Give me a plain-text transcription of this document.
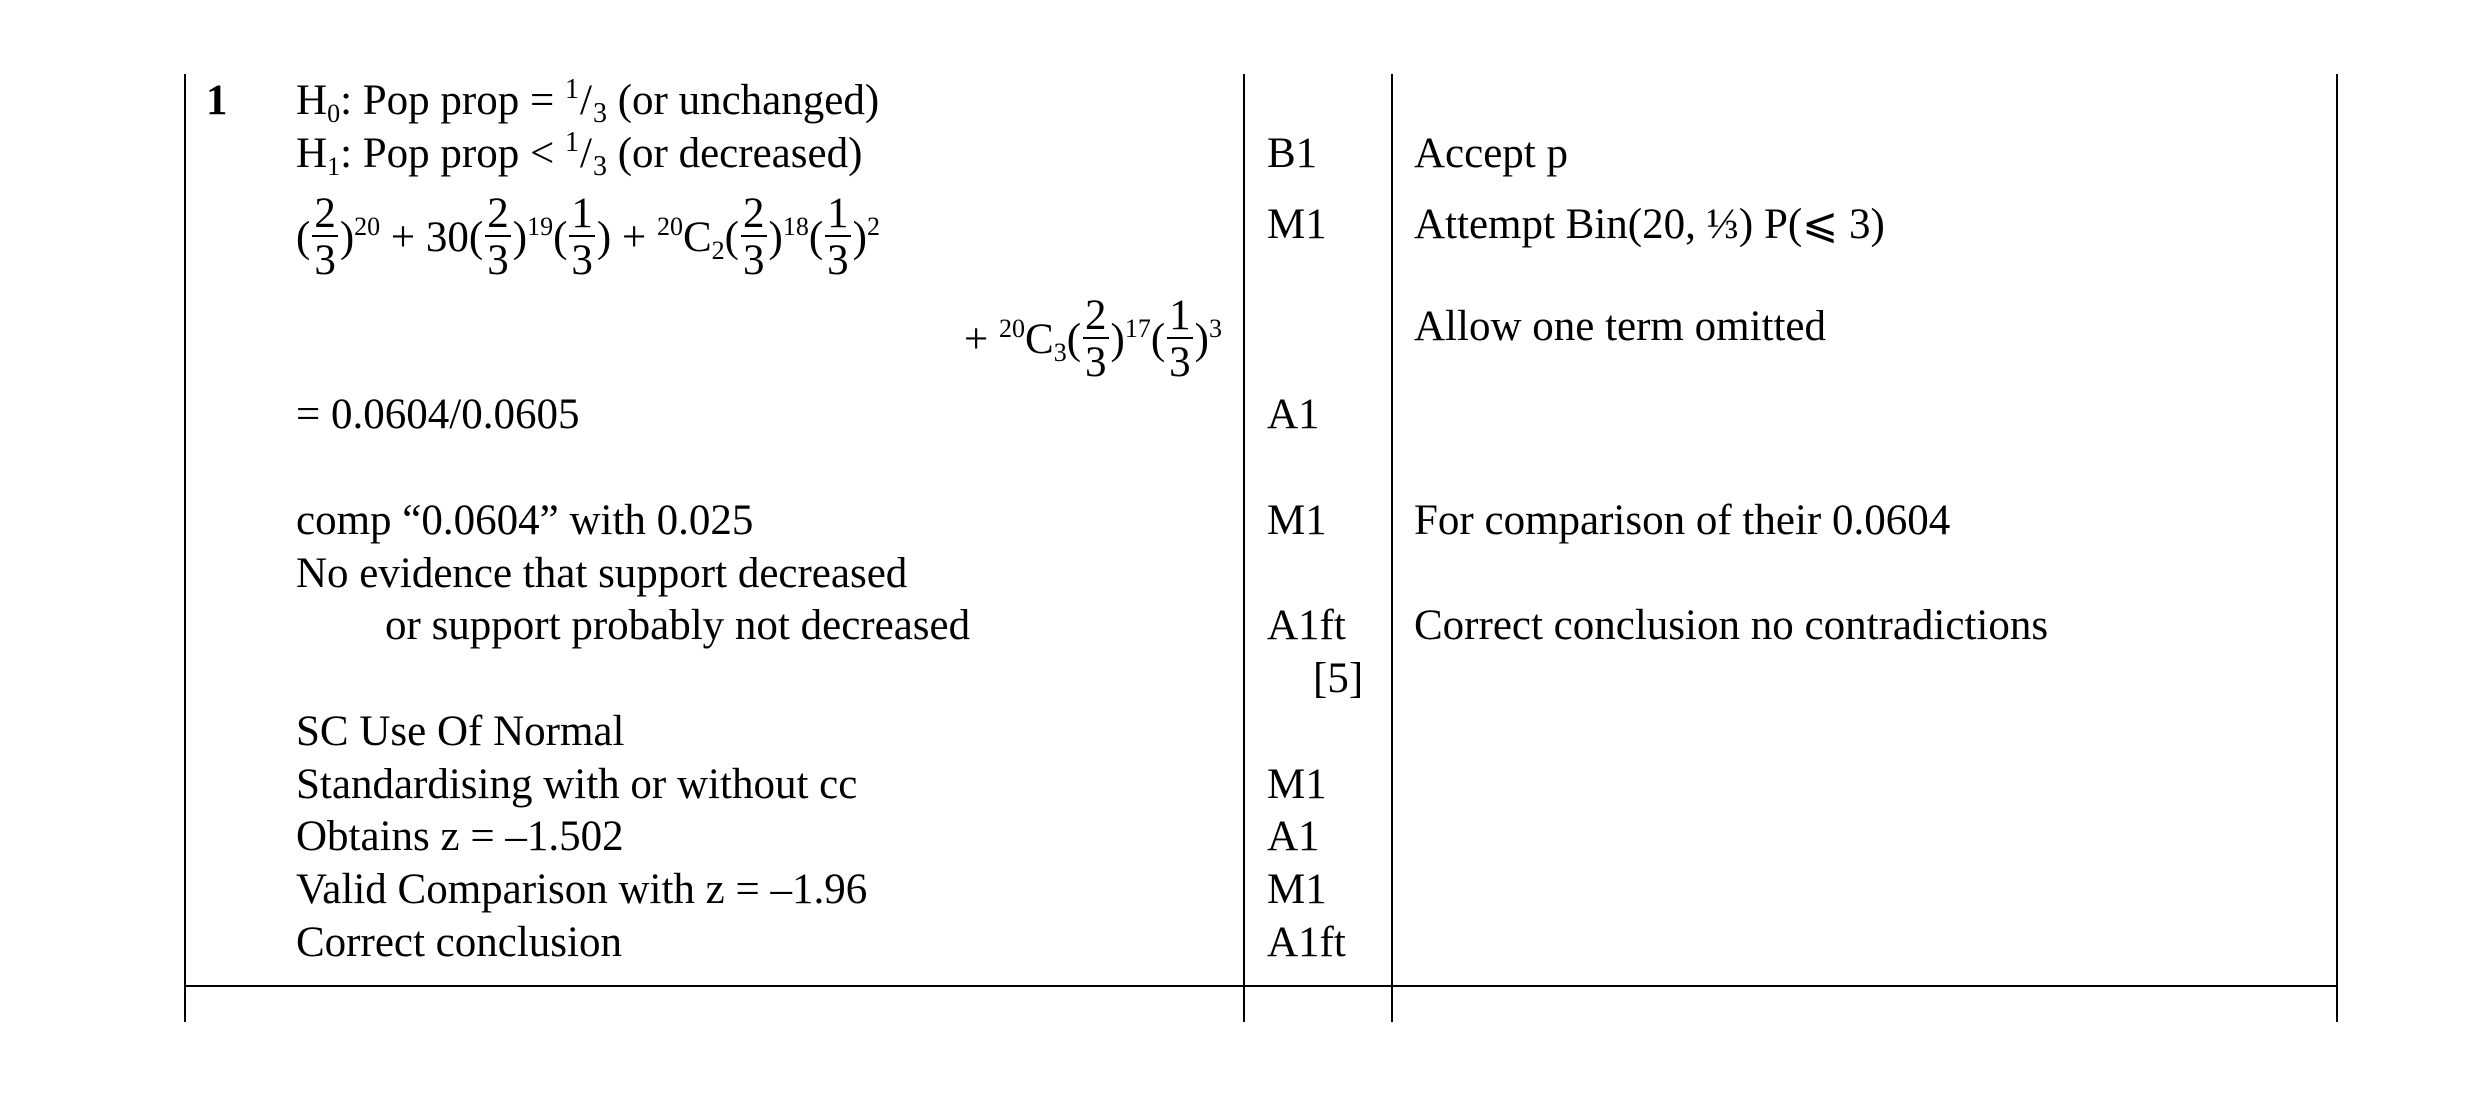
1 $H_0$: Pop prop = $^1/_3$ (or unchanged)
$H_1$: Pop prop < $^1/_3$ (or decreased)
( $\frac{2}{3} )^{20} + 30( \frac{2}{3} )^{19}( \frac{1}{3}$ ) + $^{20}C_2( \frac{2}{3} )^{18}( \frac{1}{3} )^2$
+ $^{20}C_3( \frac{2}{3} )^{17}( \frac{1}{3} )^3$
= 0.0604/0.0605
comp “0.0604” with 0.025
No evidence that support decreased
or support probably not decreased
SC Use Of Normal
Standardising with or without cc
Obtains z = –1.502
Valid Comparison with z = –1.96
Correct conclusion
B1
M1
A1
M1
A1ft
[5]
M1
A1
M1
A1ft
Accept p
Attempt Bin(20, ⅓) P(⩽ 3)
Allow one term omitted
For comparison of their 0.0604
Correct conclusion no contradictions
